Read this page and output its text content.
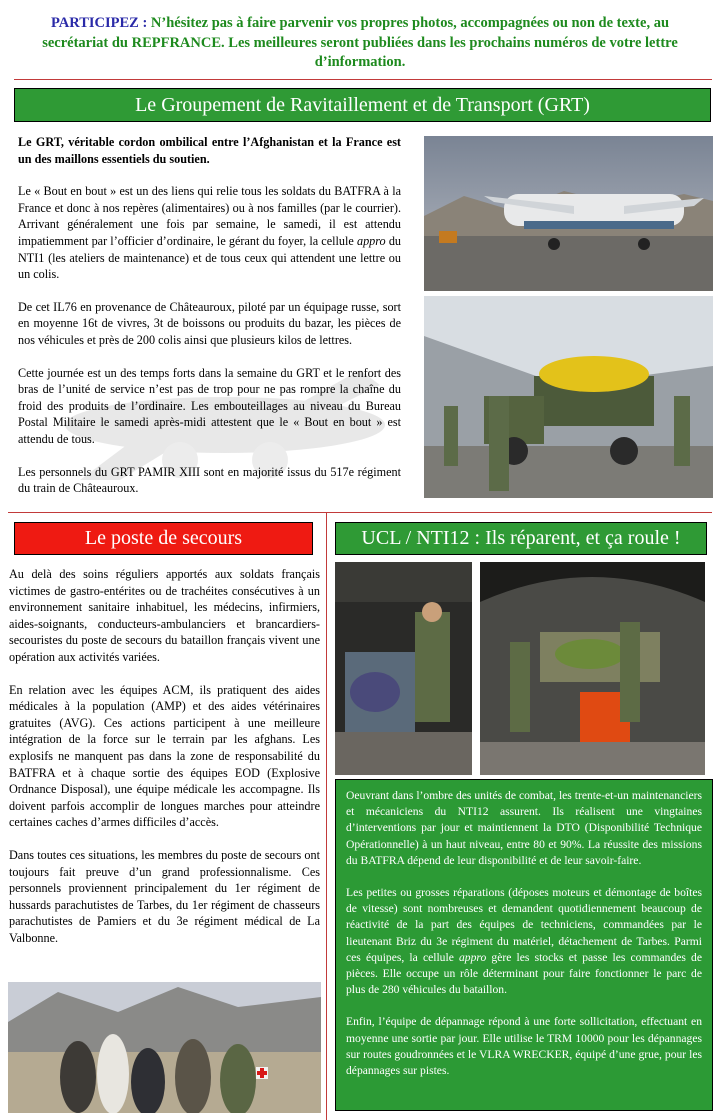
PARTICIPEZ : N’hésitez pas à faire parvenir vos propres photos, accompagnées ou non de texte, au secrétariat du REPFRANCE. Les meilleures seront publiées dans les prochains numéros de votre lettre d’information.
Le Groupement de Ravitaillement et de Transport (GRT)

Le GRT, véritable cordon ombilical entre l’Afghanistan et la France est un des maillons essentiels du soutien.

Le « Bout en bout » est un des liens qui relie tous les soldats du BATFRA à la France et donc à nos repères (alimentaires) ou à nos familles (par le courrier). Arrivant généralement une fois par semaine, le samedi, il est attendu impatiemment par l’officier d’ordinaire, le gérant du foyer, la cellule appro du NTI1 (les ateliers de maintenance) et de tous ceux qui attendent une lettre ou un colis.

De cet IL76 en provenance de Châteauroux, piloté par un équipage russe, sort en moyenne 16t de vivres, 3t de boissons ou produits du bazar, les pièces de nos véhicules et près de 200 colis ainsi que plusieurs kilos de lettres.

Cette journée est un des temps forts dans la semaine du GRT et le renfort des bras de l’unité de service n’est pas de trop pour ne pas rompre la chaîne du froid des produits de l’ordinaire. Les embouteillages au niveau du Bureau Postal Militaire le samedi après-midi attestent que le « Bout en bout » est attendu de tous.

Les personnels du GRT PAMIR XIII sont en majorité issus du 517e régiment du train de Châteauroux.

Le poste de secours

Au delà des soins réguliers apportés aux soldats français victimes de gastro-entérites ou de trachéites consécutives à un environnement sanitaire inhabituel, les médecins, infirmiers, aides-soignants, conducteurs-ambulanciers et brancardiers-secouristes du poste de secours du bataillon français vivent une opération aux activités variées.

En relation avec les équipes ACM, ils pratiquent des aides médicales à la population (AMP) et des aides vétérinaires gratuites (AVG). Ces actions participent à une meilleure intégration de la force sur le terrain par les afghans. Les explosifs ne manquent pas dans la zone de responsabilité du BATFRA et à chaque sortie des équipes EOD (Explosive Ordnance Disposal), une équipe médicale les accompagne. Ils doivent parfois accomplir de longues marches pour atteindre certaines caches d’armes difficiles d’accès.

Dans toutes ces situations, les membres du poste de secours ont toujours fait preuve d’un grand professionnalisme. Ces personnels proviennent principalement du 1er régiment de hussards parachutistes de Tarbes, du 1er régiment de chasseurs parachutistes de Pamiers et du 3e régiment médical de La Valbonne.

UCL / NTI12 : Ils réparent, et ça roule !

Oeuvrant dans l’ombre des unités de combat, les trente-et-un maintenanciers et mécaniciens du NTI12 assurent. Ils réalisent une vingtaines d’interventions par jour et maintiennent la DTO (Disponibilité Technique Opérationnelle) à un haut niveau, entre 80 et 90%. La réussite des missions du BATFRA dépend de leur disponibilité et de leur savoir-faire.

Les petites ou grosses réparations (déposes moteurs et démontage de boîtes de vitesse) sont nombreuses et demandent quotidiennement beaucoup de réactivité de la part des équipes de techniciens, commandées par le lieutenant Briz du 3e régiment du matériel, détachement de Tarbes. Parmi ces équipes, la cellule appro gère les stocks et passe les commandes de pièces. Elle occupe un rôle déterminant pour faire fonctionner le parc de plus de 280 véhicules du bataillon.

Enfin, l’équipe de dépannage répond à une forte sollicitation, effectuant en moyenne une sortie par jour. Elle utilise le TRM 10000 pour les dépannages sur routes goudronnées et le VLRA WRECKER, équipé d’une grue, pour les dépannages sur pistes.
